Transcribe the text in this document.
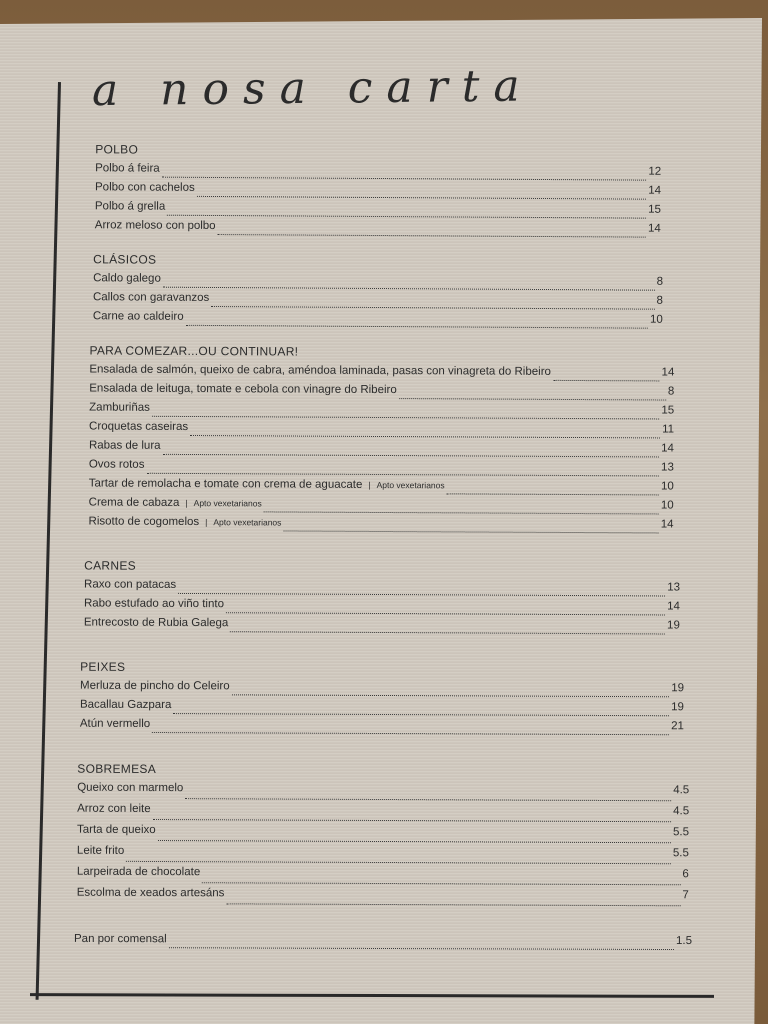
a nosa carta
POLBO
Polbo á feira	12
Polbo con cachelos	14
Polbo á grella	15
Arroz meloso con polbo	14
CLÁSICOS
Caldo galego	8
Callos con garavanzos	8
Carne ao caldeiro	10
PARA COMEZAR...OU CONTINUAR!
Ensalada de salmón, queixo de cabra, améndoa laminada, pasas con vinagreta do Ribeiro	14
Ensalada de leituga, tomate e cebola con vinagre do Ribeiro	8
Zamburiñas	15
Croquetas caseiras	11
Rabas de lura	14
Ovos rotos	13
Tartar de remolacha e tomate con crema de aguacate	| Apto vexetarianos	10
Crema de cabaza	| Apto vexetarianos	10
Risotto de cogomelos	| Apto vexetarianos	14
CARNES
Raxo con patacas	13
Rabo estufado ao viño tinto	14
Entrecosto de Rubia Galega	19
PEIXES
Merluza de pincho do Celeiro	19
Bacallau Gazpara	19
Atún vermello	21
SOBREMESA
Queixo con marmelo	4.5
Arroz con leite	4.5
Tarta de queixo	5.5
Leite frito	5.5
Larpeirada de chocolate	6
Escolma de xeados artesáns	7
Pan por comensal	1.5
